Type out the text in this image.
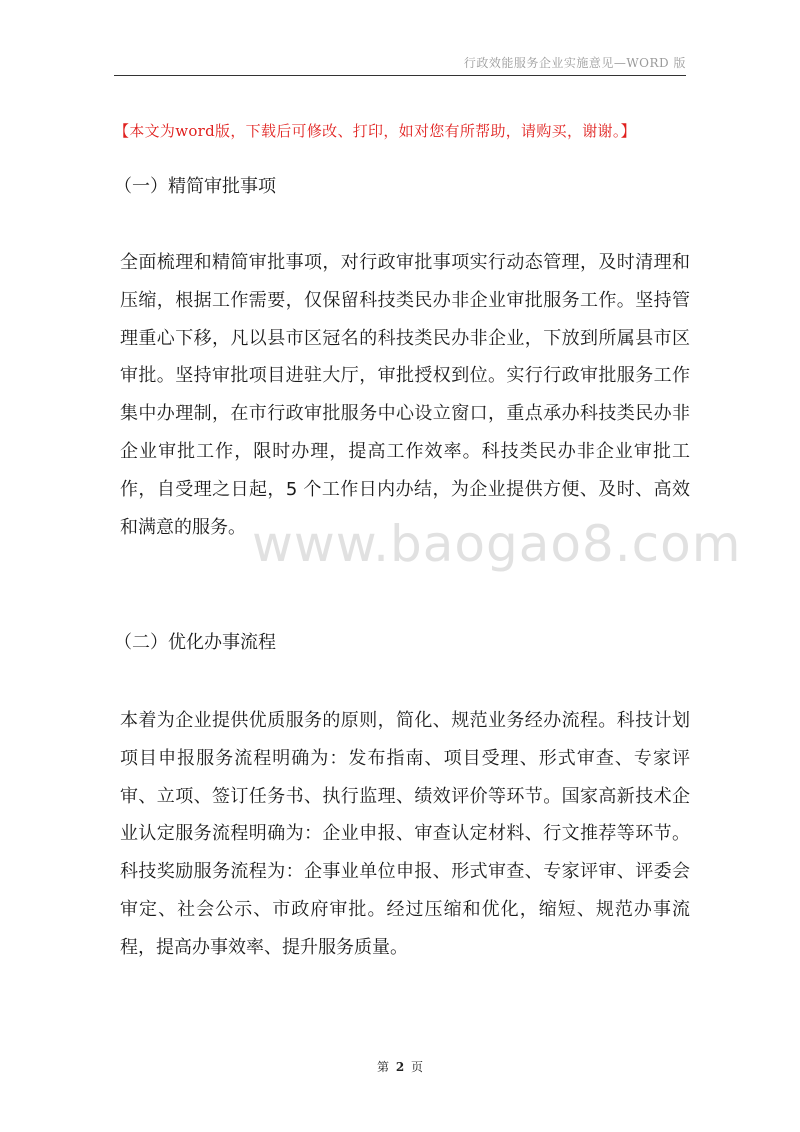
行政效能服务企业实施意见—WORD 版
【本文为word版，下载后可修改、打印，如对您有所帮助，请购买，谢谢。】
（一）精简审批事项

全面梳理和精简审批事项，对行政审批事项实行动态管理，及时清理和压缩，根据工作需要，仅保留科技类民办非企业审批服务工作。坚持管理重心下移，凡以县市区冠名的科技类民办非企业，下放到所属县市区审批。坚持审批项目进驻大厅，审批授权到位。实行行政审批服务工作集中办理制，在市行政审批服务中心设立窗口，重点承办科技类民办非企业审批工作，限时办理，提高工作效率。科技类民办非企业审批工作，自受理之日起，5 个工作日内办结，为企业提供方便、及时、高效和满意的服务。

（二）优化办事流程

本着为企业提供优质服务的原则，简化、规范业务经办流程。科技计划项目申报服务流程明确为：发布指南、项目受理、形式审查、专家评审、立项、签订任务书、执行监理、绩效评价等环节。国家高新技术企业认定服务流程明确为：企业申报、审查认定材料、行文推荐等环节。科技奖励服务流程为：企事业单位申报、形式审查、专家评审、评委会审定、社会公示、市政府审批。经过压缩和优化，缩短、规范办事流程，提高办事效率、提升服务质量。

www.baogao8.com
第 2 页
